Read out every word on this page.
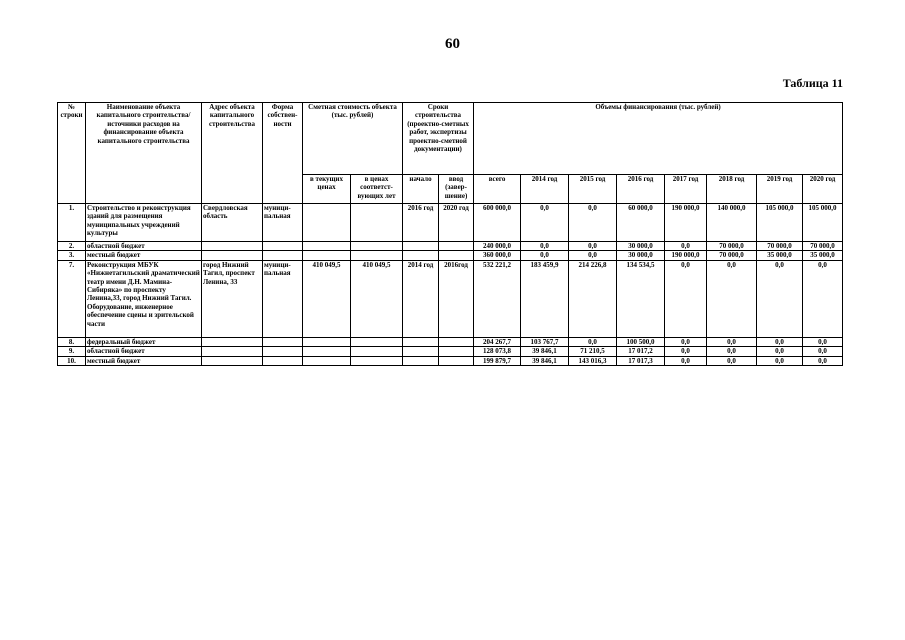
60
Таблица 11
№ строки	Наименование объекта капитального строительства/ источники расходов на финансирование объекта капитального строительства	Адрес объекта капитального строительства	Форма собствен-ности	Сметная стоимость объекта (тыс. рублей)		Сроки строительства (проектно-сметных работ, экспертизы проектно-сметной документации)		Объемы финансирования (тыс. рублей)							
				в текущих ценах	в ценах соответст-вующих лет	начало	ввод (завер-шение)	всего	2014 год	2015 год	2016 год	2017 год	2018 год	2019 год	2020 год
1.	Строительство и реконструкция зданий для размещения муниципальных учреждений культуры	Свердловская область	муници-пальная			2016 год	2020 год	600 000,0	0,0	0,0	60 000,0	190 000,0	140 000,0	105 000,0	105 000,0
2.	областной бюджет							240 000,0	0,0	0,0	30 000,0	0,0	70 000,0	70 000,0	70 000,0
3.	местный бюджет							360 000,0	0,0	0,0	30 000,0	190 000,0	70 000,0	35 000,0	35 000,0
7.	Реконструкция МБУК «Нижнетагильский драматический театр имени Д.Н. Мамина-Сибиряка» по проспекту Ленина,33, город Нижний Тагил. Оборудование, инженерное обеспечение сцены и зрительской части	город Нижний Тагил, проспект Ленина, 33	муници-пальная	410 049,5	410 049,5	2014 год	2016год	532 221,2	183 459,9	214 226,8	134 534,5	0,0	0,0	0,0	0,0
8.	федеральный бюджет							204 267,7	103 767,7	0,0	100 500,0	0,0	0,0	0,0	0,0
9.	областной бюджет							128 073,8	39 846,1	71 210,5	17 017,2	0,0	0,0	0,0	0,0
10.	местный бюджет							199 879,7	39 846,1	143 016,3	17 017,3	0,0	0,0	0,0	0,0
